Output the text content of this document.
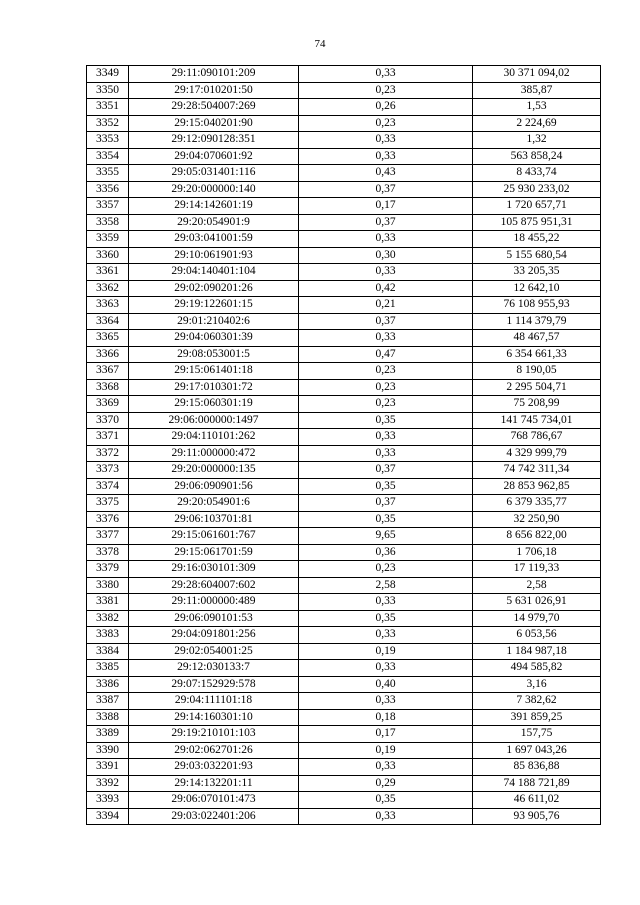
74
3349	29:11:090101:209	0,33	30 371 094,02
3350	29:17:010201:50	0,23	385,87
3351	29:28:504007:269	0,26	1,53
3352	29:15:040201:90	0,23	2 224,69
3353	29:12:090128:351	0,33	1,32
3354	29:04:070601:92	0,33	563 858,24
3355	29:05:031401:116	0,43	8 433,74
3356	29:20:000000:140	0,37	25 930 233,02
3357	29:14:142601:19	0,17	1 720 657,71
3358	29:20:054901:9	0,37	105 875 951,31
3359	29:03:041001:59	0,33	18 455,22
3360	29:10:061901:93	0,30	5 155 680,54
3361	29:04:140401:104	0,33	33 205,35
3362	29:02:090201:26	0,42	12 642,10
3363	29:19:122601:15	0,21	76 108 955,93
3364	29:01:210402:6	0,37	1 114 379,79
3365	29:04:060301:39	0,33	48 467,57
3366	29:08:053001:5	0,47	6 354 661,33
3367	29:15:061401:18	0,23	8 190,05
3368	29:17:010301:72	0,23	2 295 504,71
3369	29:15:060301:19	0,23	75 208,99
3370	29:06:000000:1497	0,35	141 745 734,01
3371	29:04:110101:262	0,33	768 786,67
3372	29:11:000000:472	0,33	4 329 999,79
3373	29:20:000000:135	0,37	74 742 311,34
3374	29:06:090901:56	0,35	28 853 962,85
3375	29:20:054901:6	0,37	6 379 335,77
3376	29:06:103701:81	0,35	32 250,90
3377	29:15:061601:767	9,65	8 656 822,00
3378	29:15:061701:59	0,36	1 706,18
3379	29:16:030101:309	0,23	17 119,33
3380	29:28:604007:602	2,58	2,58
3381	29:11:000000:489	0,33	5 631 026,91
3382	29:06:090101:53	0,35	14 979,70
3383	29:04:091801:256	0,33	6 053,56
3384	29:02:054001:25	0,19	1 184 987,18
3385	29:12:030133:7	0,33	494 585,82
3386	29:07:152929:578	0,40	3,16
3387	29:04:111101:18	0,33	7 382,62
3388	29:14:160301:10	0,18	391 859,25
3389	29:19:210101:103	0,17	157,75
3390	29:02:062701:26	0,19	1 697 043,26
3391	29:03:032201:93	0,33	85 836,88
3392	29:14:132201:11	0,29	74 188 721,89
3393	29:06:070101:473	0,35	46 611,02
3394	29:03:022401:206	0,33	93 905,76
